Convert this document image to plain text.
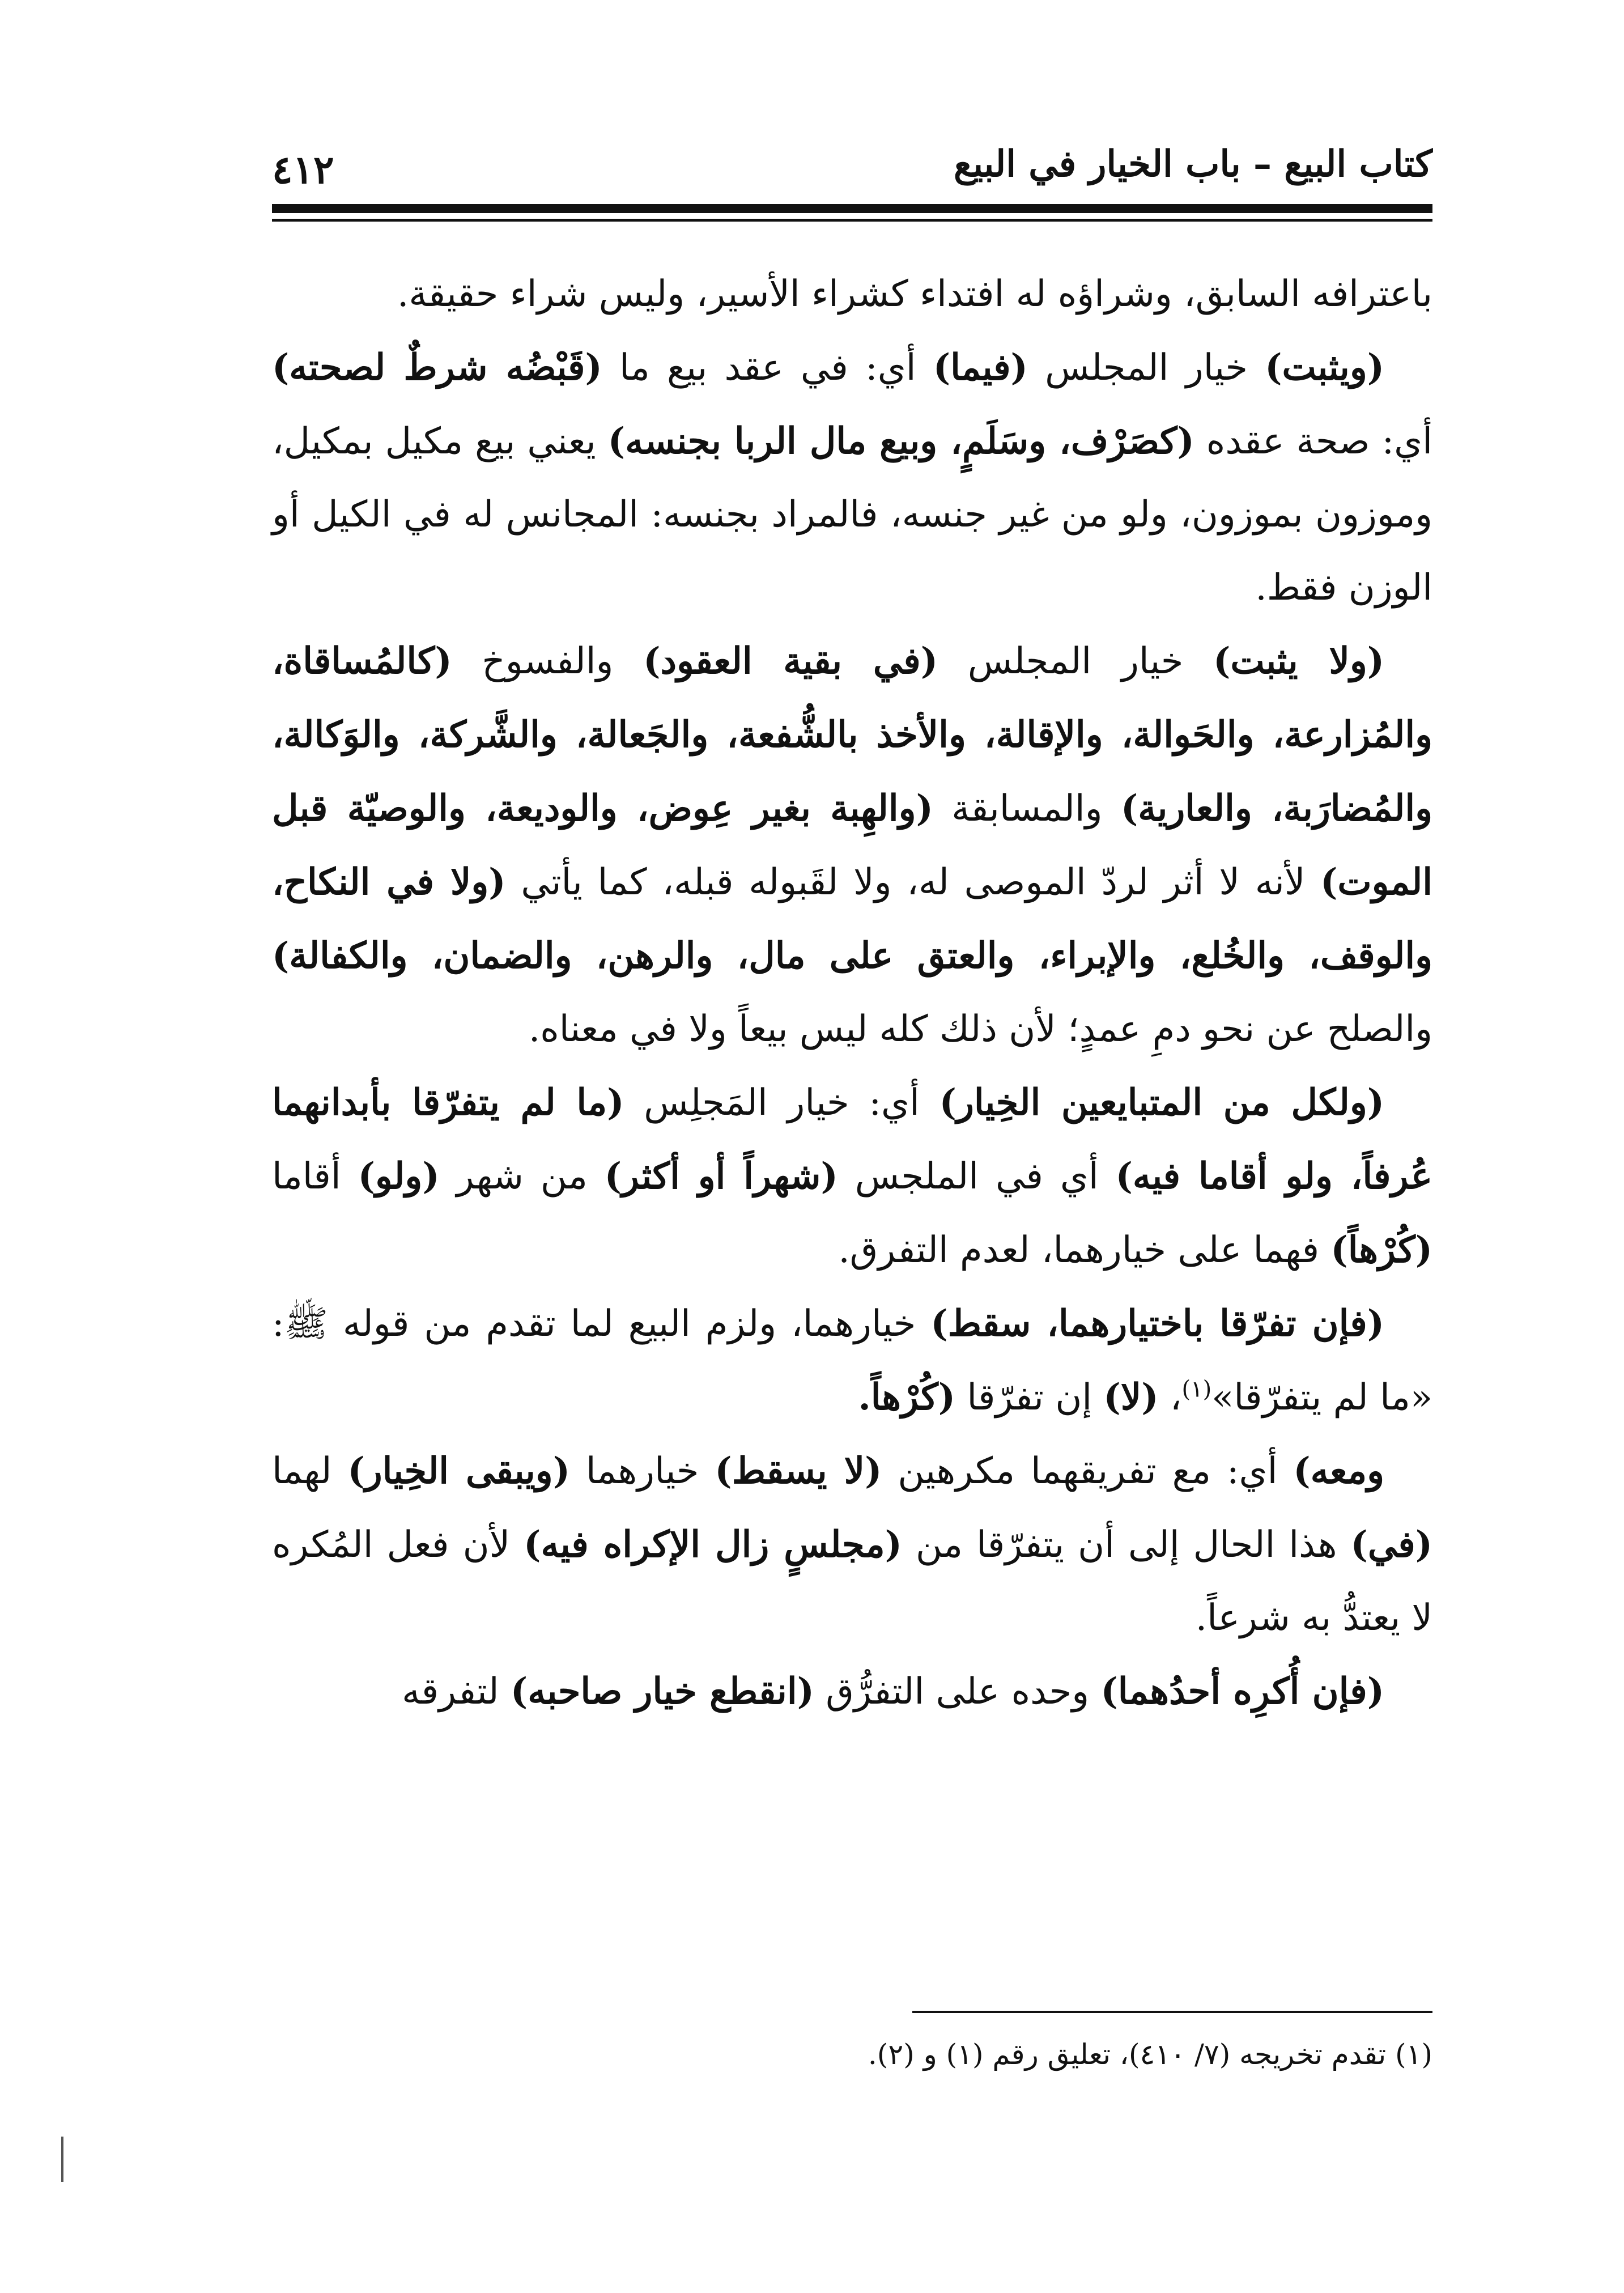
٤١٢	كتاب البيع – باب الخيار في البيع

باعترافه السابق، وشراؤه له افتداء كشراء الأسير، وليس شراء حقيقة.

(ويثبت) خيار المجلس (فيما) أي: في عقد بيع ما (قَبْضُه شرطٌ لصحته) أي: صحة عقده (كصَرْف، وسَلَمٍ، وبيع مال الربا بجنسه) يعني بيع مكيل بمكيل، وموزون بموزون، ولو من غير جنسه، فالمراد بجنسه: المجانس له في الكيل أو الوزن فقط.

(ولا يثبت) خيار المجلس (في بقية العقود) والفسوخ (كالمُساقاة، والمُزارعة، والحَوالة، والإقالة، والأخذ بالشُّفعة، والجَعالة، والشَّركة، والوَكالة، والمُضارَبة، والعارية) والمسابقة (والهِبة بغير عِوض، والوديعة، والوصيّة قبل الموت) لأنه لا أثر لردّ الموصى له، ولا لقَبوله قبله، كما يأتي (ولا في النكاح، والوقف، والخُلع، والإبراء، والعتق على مال، والرهن، والضمان، والكفالة) والصلح عن نحو دمِ عمدٍ؛ لأن ذلك كله ليس بيعاً ولا في معناه.

(ولكل من المتبايعين الخِيار) أي: خيار المَجلِس (ما لم يتفرّقا بأبدانهما عُرفاً، ولو أقاما فيه) أي في الملجس (شهراً أو أكثر) من شهر (ولو) أقاما (كُرْهاً) فهما على خيارهما، لعدم التفرق.

(فإن تفرّقا باختيارهما، سقط) خيارهما، ولزم البيع لما تقدم من قوله ﷺ: «ما لم يتفرّقا»$^{(١)}$، (لا) إن تفرّقا (كُرْهاً.

ومعه) أي: مع تفريقهما مكرهين (لا يسقط) خيارهما (ويبقى الخِيار) لهما (في) هذا الحال إلى أن يتفرّقا من (مجلسٍ زال الإكراه فيه) لأن فعل المُكره لا يعتدُّ به شرعاً.

(فإن أُكرِه أحدُهما) وحده على التفرُّق (انقطع خيار صاحبه) لتفرقه

(١) تقدم تخريجه (٧/ ٤١٠)، تعليق رقم (١) و (٢).
